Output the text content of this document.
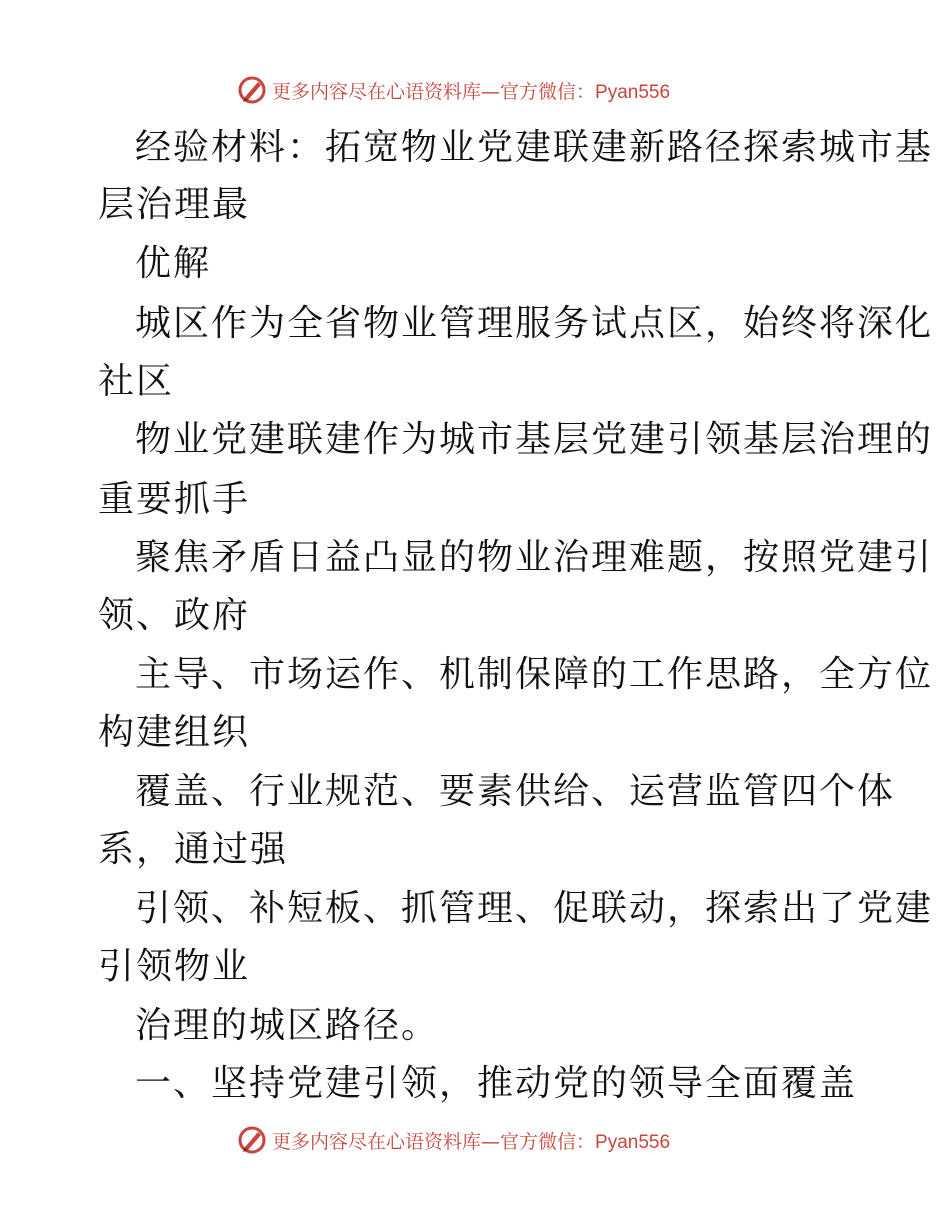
更多内容尽在心语资料库—官方微信：Pyan556
经验材料：拓宽物业党建联建新路径探索城市基
层治理最
优解
城区作为全省物业管理服务试点区，始终将深化
社区
物业党建联建作为城市基层党建引领基层治理的
重要抓手
聚焦矛盾日益凸显的物业治理难题，按照党建引
领、政府
主导、市场运作、机制保障的工作思路，全方位
构建组织
覆盖、行业规范、要素供给、运营监管四个体
系，通过强
引领、补短板、抓管理、促联动，探索出了党建
引领物业
治理的城区路径。
一、坚持党建引领，推动党的领导全面覆盖
更多内容尽在心语资料库—官方微信：Pyan556
